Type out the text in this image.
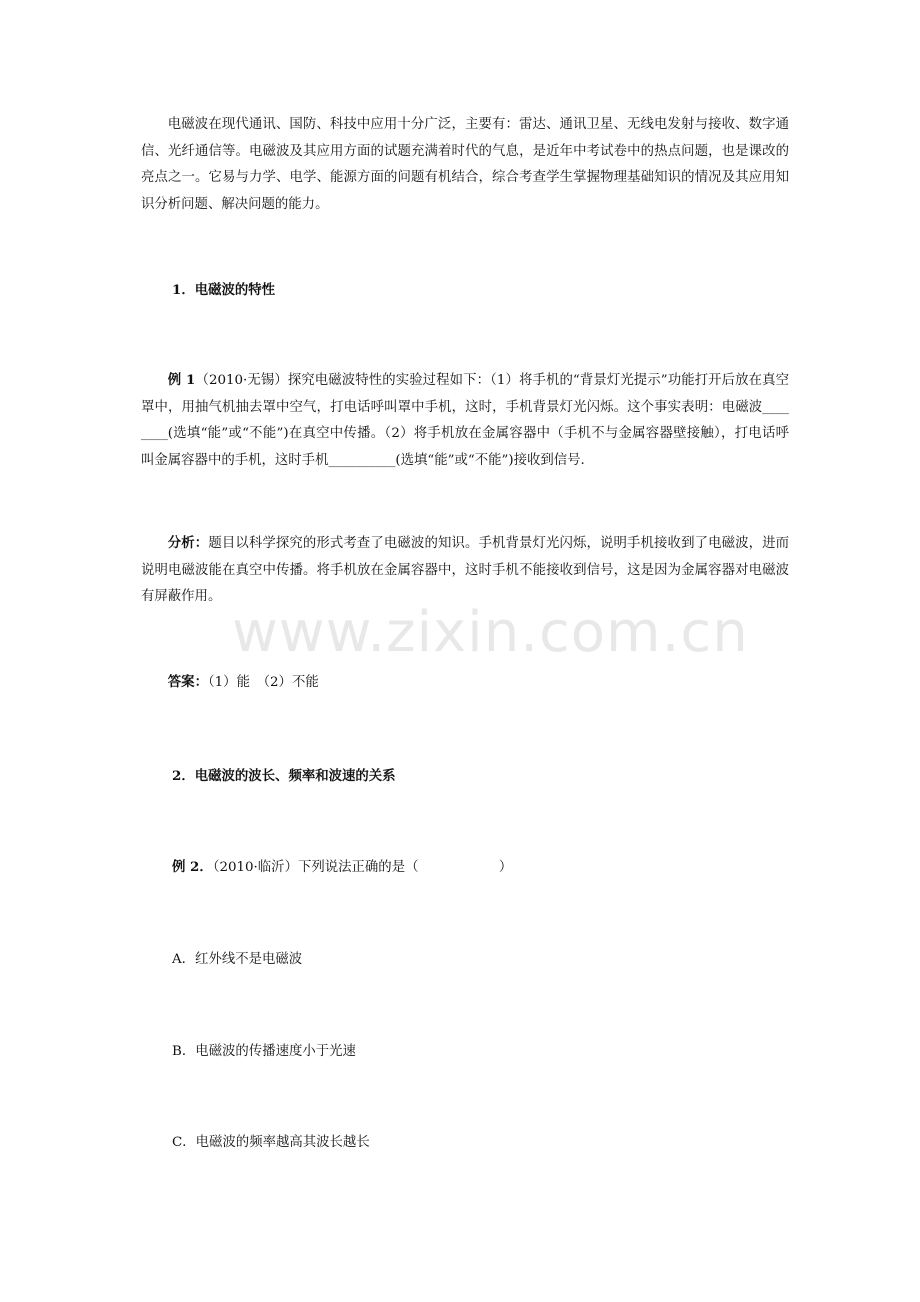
电磁波在现代通讯、国防、科技中应用十分广泛，主要有：雷达、通讯卫星、无线电发射与接收、数字通信、光纤通信等。电磁波及其应用方面的试题充满着时代的气息，是近年中考试卷中的热点问题，也是课改的亮点之一。它易与力学、电学、能源方面的问题有机结合，综合考查学生掌握物理基础知识的情况及其应用知识分析问题、解决问题的能力。

1．电磁波的特性

例 1（2010·无锡）探究电磁波特性的实验过程如下：（1）将手机的“背景灯光提示”功能打开后放在真空罩中，用抽气机抽去罩中空气，打电话呼叫罩中手机，这时，手机背景灯光闪烁。这个事实表明：电磁波________(选填“能”或“不能”)在真空中传播。（2）将手机放在金属容器中（手机不与金属容器壁接触），打电话呼叫金属容器中的手机，这时手机__________(选填“能”或“不能”)接收到信号.

分析：题目以科学探究的形式考查了电磁波的知识。手机背景灯光闪烁，说明手机接收到了电磁波，进而说明电磁波能在真空中传播。将手机放在金属容器中，这时手机不能接收到信号，这是因为金属容器对电磁波有屏蔽作用。

答案：（1）能　（2）不能

2．电磁波的波长、频率和波速的关系

例 2．（2010·临沂）下列说法正确的是（　　　　　　）

A．红外线不是电磁波

B．电磁波的传播速度小于光速

C．电磁波的频率越高其波长越长

www.zixin.com.cn
